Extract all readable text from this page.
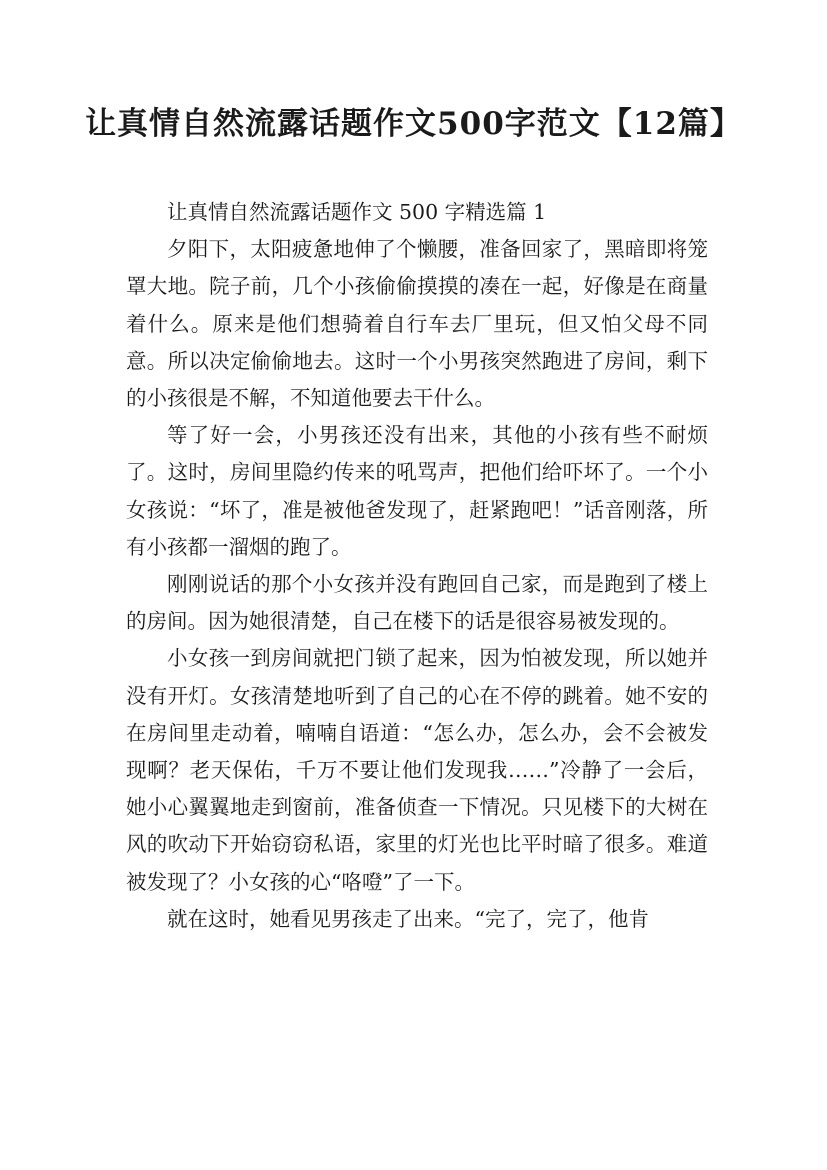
让真情自然流露话题作文500字范文【12篇】

让真情自然流露话题作文 500 字精选篇 1

夕阳下，太阳疲惫地伸了个懒腰，准备回家了，黑暗即将笼罩大地。院子前，几个小孩偷偷摸摸的凑在一起，好像是在商量着什么。原来是他们想骑着自行车去厂里玩，但又怕父母不同意。所以决定偷偷地去。这时一个小男孩突然跑进了房间，剩下的小孩很是不解，不知道他要去干什么。

等了好一会，小男孩还没有出来，其他的小孩有些不耐烦了。这时，房间里隐约传来的吼骂声，把他们给吓坏了。一个小女孩说：“坏了，准是被他爸发现了，赶紧跑吧！”话音刚落，所有小孩都一溜烟的跑了。

刚刚说话的那个小女孩并没有跑回自己家，而是跑到了楼上的房间。因为她很清楚，自己在楼下的话是很容易被发现的。

小女孩一到房间就把门锁了起来，因为怕被发现，所以她并没有开灯。女孩清楚地听到了自己的心在不停的跳着。她不安的在房间里走动着，喃喃自语道：“怎么办，怎么办，会不会被发现啊？老天保佑，千万不要让他们发现我……”冷静了一会后，她小心翼翼地走到窗前，准备侦查一下情况。只见楼下的大树在风的吹动下开始窃窃私语，家里的灯光也比平时暗了很多。难道被发现了？小女孩的心“咯噔”了一下。

就在这时，她看见男孩走了出来。“完了，完了，他肯
